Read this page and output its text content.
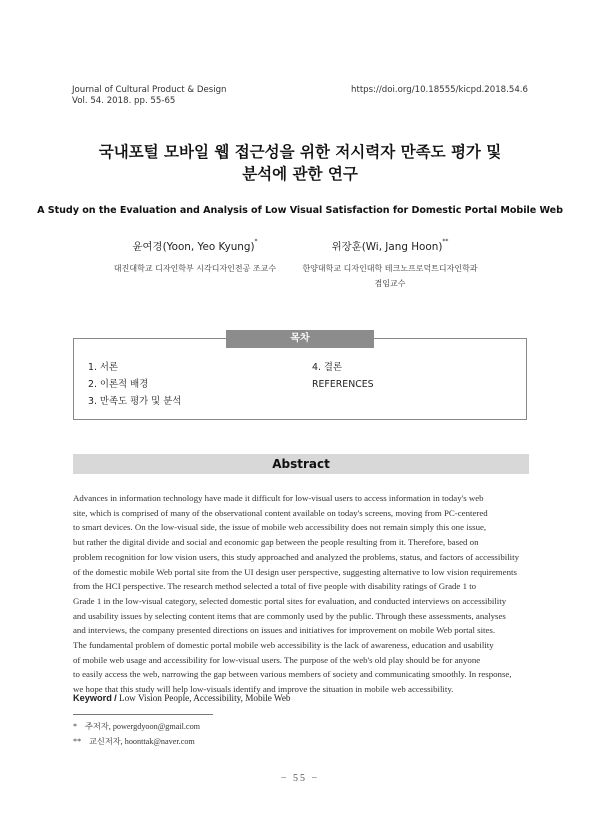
Journal of Cultural Product & Design
Vol. 54. 2018. pp. 55-65
https://doi.org/10.18555/kicpd.2018.54.6
국내포털 모바일 웹 접근성을 위한 저시력자 만족도 평가 및
분석에 관한 연구
A Study on the Evaluation and Analysis of Low Visual Satisfaction for Domestic Portal Mobile Web
윤여경(Yoon, Yeo Kyung)*
대진대학교 디자인학부 시각디자인전공 조교수
위장훈(Wi, Jang Hoon)**
한양대학교 디자인대학 테크노프로덕트디자인학과
겸임교수
목차
1. 서론
2. 이론적 배경
3. 만족도 평가 및 분석
4. 결론
REFERENCES
Abstract
Advances in information technology have made it difficult for low-visual users to access information in today's web
site, which is comprised of many of the observational content available on today's screens, moving from PC-centered
to smart devices. On the low-visual side, the issue of mobile web accessibility does not remain simply this one issue,
but rather the digital divide and social and economic gap between the people resulting from it. Therefore, based on
problem recognition for low vision users, this study approached and analyzed the problems, status, and factors of accessibility
of the domestic mobile Web portal site from the UI design user perspective, suggesting alternative to low vision requirements
from the HCI perspective. The research method selected a total of five people with disability ratings of Grade 1 to
Grade 1 in the low-visual category, selected domestic portal sites for evaluation, and conducted interviews on accessibility
and usability issues by selecting content items that are commonly used by the public. Through these assessments, analyses
and interviews, the company presented directions on issues and initiatives for improvement on mobile Web portal sites.
The fundamental problem of domestic portal mobile web accessibility is the lack of awareness, education and usability
of mobile web usage and accessibility for low-visual users. The purpose of the web's old play should be for anyone
to easily access the web, narrowing the gap between various members of society and communicating smoothly. In response,
we hope that this study will help low-visuals identify and improve the situation in mobile web accessibility.
Keyword / Low Vision People, Accessibility, Mobile Web
* 주저자, powergdyoon@gmail.com
** 교신저자, hoonttak@naver.com
− 55 −
